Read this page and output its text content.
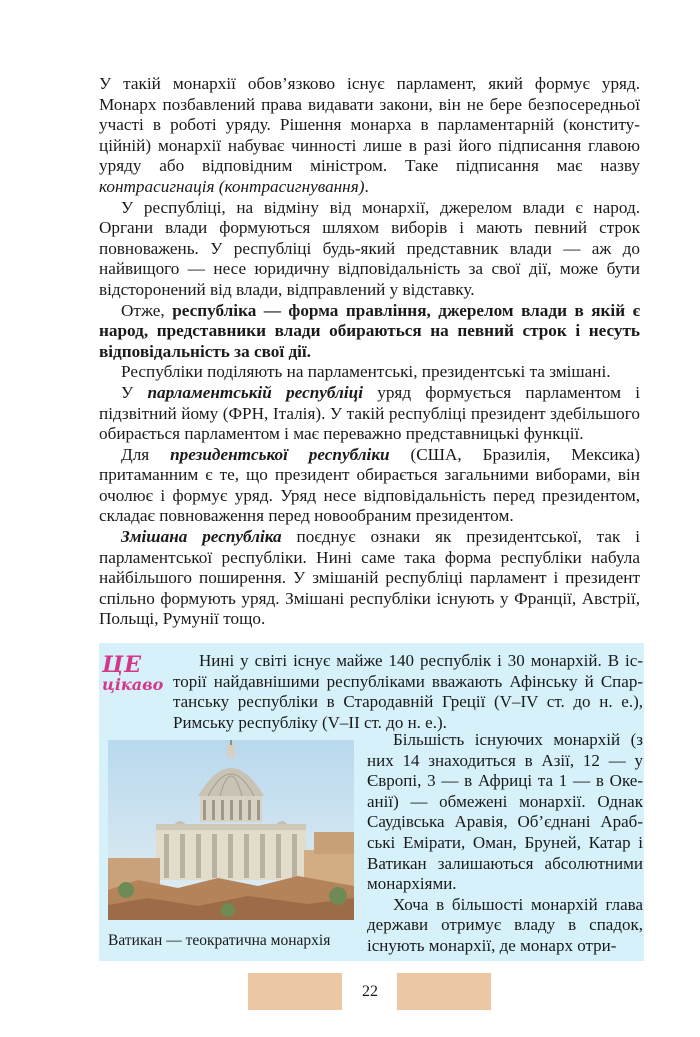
У такій монархії обов’язково існує парламент, який формує уряд. Монарх позбавлений права видавати закони, він не бере безпосередньої участі в роботі уряду. Рішення монарха в парламентарній (конституційній) монархії набуває чинності лише в разі його підписання главою уряду або відповідним міністром. Таке підписання має назву контрасигнація (контрасигнування).

У республіці, на відміну від монархії, джерелом влади є народ. Органи влади формуються шляхом виборів і мають певний строк повноважень. У республіці будь-який представник влади — аж до найвищого — несе юридичну відповідальність за свої дії, може бути відсторонений від влади, відправлений у відставку.

Отже, республіка — форма правління, джерелом влади в якій є народ, представники влади обираються на певний строк і несуть відповідальність за свої дії.

Республіки поділяють на парламентські, президентські та змішані.

У парламентській республіці уряд формується парламентом і підзвітний йому (ФРН, Італія). У такій республіці президент здебільшого обирається парламентом і має переважно представницькі функції.

Для президентської республіки (США, Бразилія, Мексика) притаманним є те, що президент обирається загальними виборами, він очолює і формує уряд. Уряд несе відповідальність перед президентом, складає повноваження перед новообраним президентом.

Змішана республіка поєднує ознаки як президентської, так і парламентської республіки. Нині саме така форма республіки набула найбільшого поширення. У змішаній республіці парламент і президент спільно формують уряд. Змішані республіки існують у Франції, Австрії, Польщі, Румунії тощо.

ЦЕ
цікаво

Нині у світі існує майже 140 республік і 30 монархій. В історії найдавнішими республіками вважають Афінську й Спартанську республіки в Стародавній Греції (V–IV ст. до н. е.), Римську республіку (V–II ст. до н. е.).

Ватикан — теократична монархія

Більшість існуючих монархій (з них 14 знаходиться в Азії, 12 — у Європі, 3 — в Африці та 1 — в Океанії) — обмежені монархії. Однак Саудівська Аравія, Об’єднані Арабські Емірати, Оман, Бруней, Катар і Ватикан залишаються абсолютними монархіями.

Хоча в більшості монархій глава держави отримує владу в спадок, існують монархії, де монарх отри-

22
